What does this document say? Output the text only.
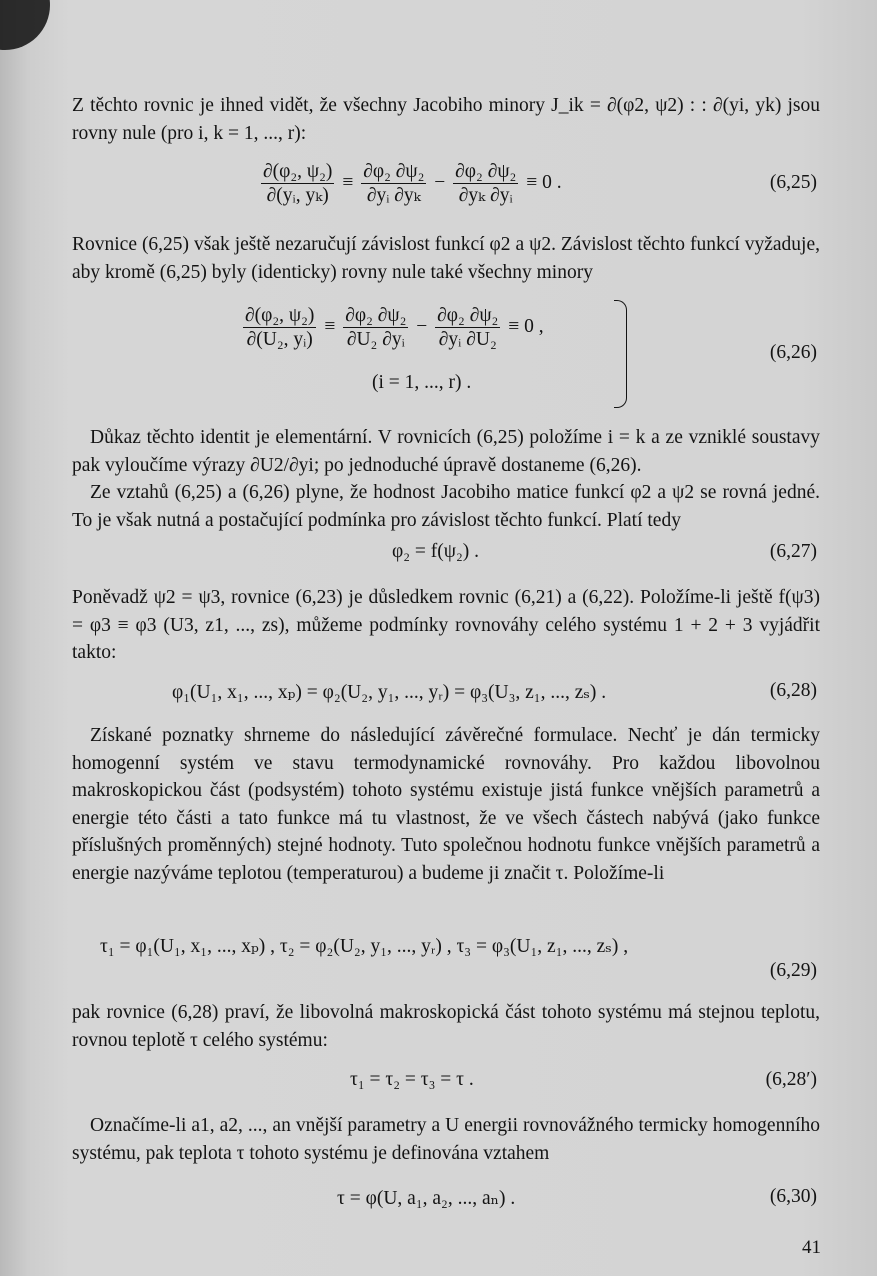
Z těchto rovnic je ihned vidět, že všechny Jacobiho minory J_ik = ∂(φ2, ψ2) : : ∂(yi, yk) jsou rovny nule (pro i, k = 1, ..., r):

$\frac{\text{∂(φ₂, ψ₂)}}{\text{∂(yᵢ, yₖ)}} \equiv \frac{\text{∂φ₂ ∂ψ₂}}{\text{∂yᵢ ∂yₖ}} - \frac{\text{∂φ₂ ∂ψ₂}}{\text{∂yₖ ∂yᵢ}} \equiv 0$ .	(6,25)

Rovnice (6,25) však ještě nezaručují závislost funkcí φ2 a ψ2. Závislost těchto funkcí vyžaduje, aby kromě (6,25) byly (identicky) rovny nule také všechny minory

$\frac{\text{∂(φ₂, ψ₂)}}{\text{∂(U₂, yᵢ)}} \equiv \frac{\text{∂φ₂ ∂ψ₂}}{\text{∂U₂ ∂yᵢ}} - \frac{\text{∂φ₂ ∂ψ₂}}{\text{∂yᵢ ∂U₂}} \equiv 0$ ,
(i = 1, ..., r) .
(6,26)

Důkaz těchto identit je elementární. V rovnicích (6,25) položíme i = k a ze vzniklé soustavy pak vyloučíme výrazy ∂U2/∂yi; po jednoduché úpravě dostaneme (6,26).

Ze vztahů (6,25) a (6,26) plyne, že hodnost Jacobiho matice funkcí φ2 a ψ2 se rovná jedné. To je však nutná a postačující podmínka pro závislost těchto funkcí. Platí tedy

φ₂ = f(ψ₂) .	(6,27)

Poněvadž ψ2 = ψ3, rovnice (6,23) je důsledkem rovnic (6,21) a (6,22). Položíme-li ještě f(ψ3) = φ3 ≡ φ3 (U3, z1, ..., zs), můžeme podmínky rovnováhy celého systému 1 + 2 + 3 vyjádřit takto:

φ₁(U₁, x₁, ..., xₚ) = φ₂(U₂, y₁, ..., yᵣ) = φ₃(U₃, z₁, ..., zₛ) .	(6,28)

Získané poznatky shrneme do následující závěrečné formulace. Nechť je dán termicky homogenní systém ve stavu termodynamické rovnováhy. Pro každou libovolnou makroskopickou část (podsystém) tohoto systému existuje jistá funkce vnějších parametrů a energie této části a tato funkce má tu vlastnost, že ve všech částech nabývá (jako funkce příslušných proměnných) stejné hodnoty. Tuto společnou hodnotu funkce vnějších parametrů a energie nazýváme teplotou (temperaturou) a budeme ji značit τ. Položíme-li

τ₁ = φ₁(U₁, x₁, ..., xₚ) , τ₂ = φ₂(U₂, y₁, ..., yᵣ) , τ₃ = φ₃(U₁, z₁, ..., zₛ) ,
(6,29)

pak rovnice (6,28) praví, že libovolná makroskopická část tohoto systému má stejnou teplotu, rovnou teplotě τ celého systému:

τ₁ = τ₂ = τ₃ = τ .	(6,28′)

Označíme-li a1, a2, ..., an vnější parametry a U energii rovnovážného termicky homogenního systému, pak teplota τ tohoto systému je definována vztahem

τ = φ(U, a₁, a₂, ..., aₙ) .	(6,30)
41
